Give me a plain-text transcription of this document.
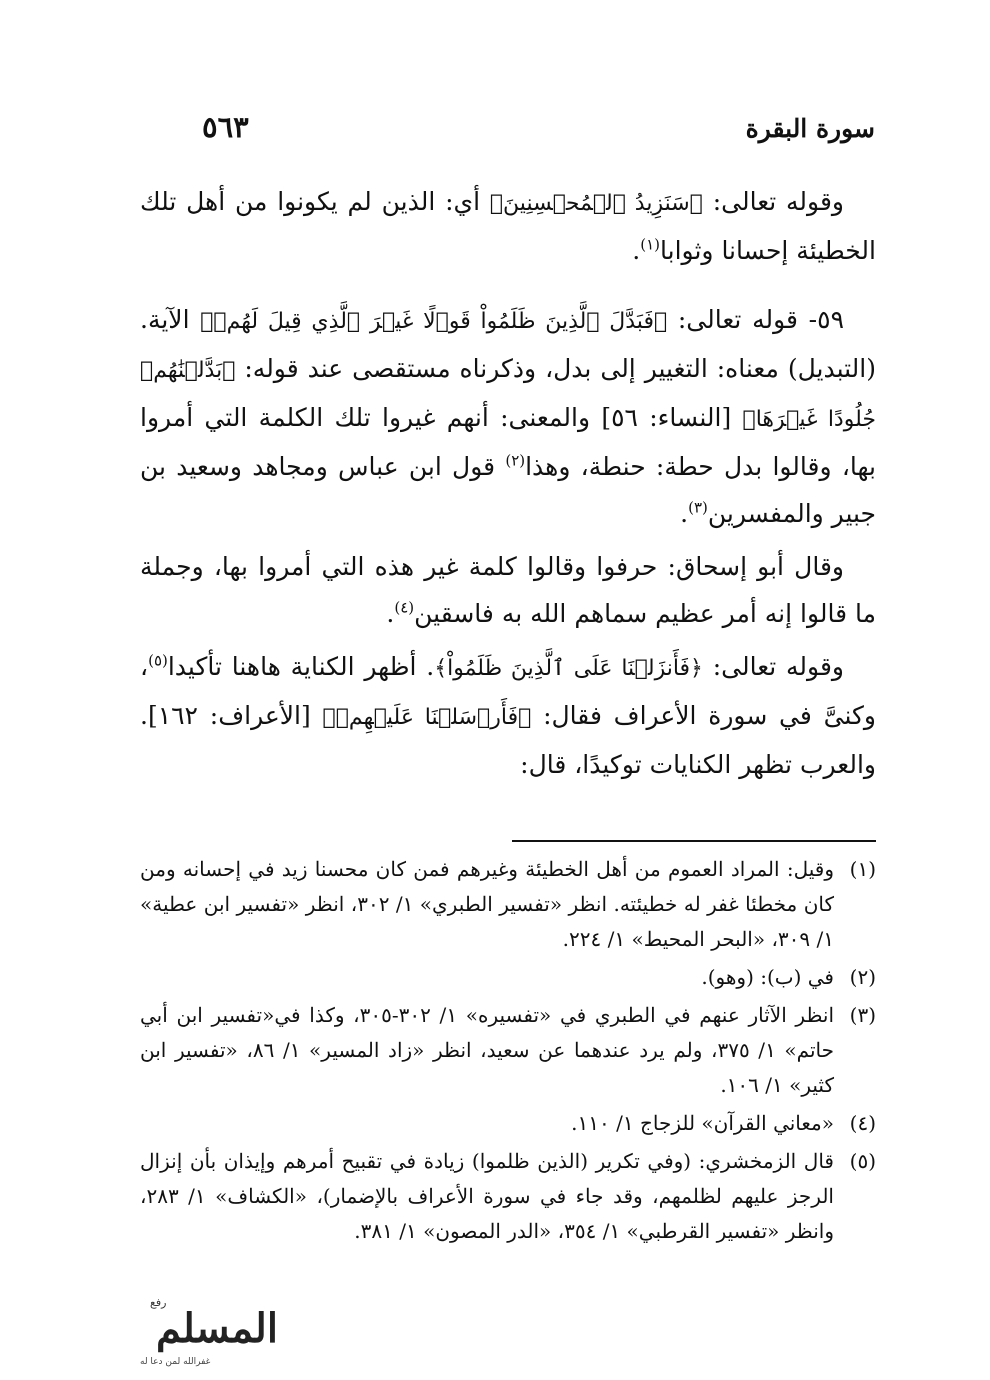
سورة البقرة
٥٦٣

وقوله تعالى: ﴿سَنَزِيدُ ٱلۡمُحۡسِنِينَ﴾ أي: الذين لم يكونوا من أهل تلك الخطيئة إحسانا وثوابا$^{(١)}$.

٥٩- قوله تعالى: ﴿فَبَدَّلَ ٱلَّذِينَ ظَلَمُواْ قَوۡلًا غَيۡرَ ٱلَّذِي قِيلَ لَهُمۡ﴾ الآية. (التبديل) معناه: التغيير إلى بدل، وذكرناه مستقصى عند قوله: ﴿بَدَّلۡنَٰهُمۡ جُلُودًا غَيۡرَهَا﴾ [النساء: ٥٦] والمعنى: أنهم غيروا تلك الكلمة التي أمروا بها، وقالوا بدل حطة: حنطة، وهذا$^{(٢)}$ قول ابن عباس ومجاهد وسعيد بن جبير والمفسرين$^{(٣)}$.

وقال أبو إسحاق: حرفوا وقالوا كلمة غير هذه التي أمروا بها، وجملة ما قالوا إنه أمر عظيم سماهم الله به فاسقين$^{(٤)}$.

وقوله تعالى: ﴿فَأَنزَلۡنَا عَلَى ٱلَّذِينَ ظَلَمُواْ﴾. أظهر الكناية هاهنا تأكيدا$^{(٥)}$، وكنىَّ في سورة الأعراف فقال: ﴿فَأَرۡسَلۡنَا عَلَيۡهِمۡ﴾ [الأعراف: ١٦٢]. والعرب تظهر الكنايات توكيدًا، قال:

(١)
وقيل: المراد العموم من أهل الخطيئة وغيرهم فمن كان محسنا زيد في إحسانه ومن كان مخطئا غفر له خطيئته. انظر «تفسير الطبري» ١/ ٣٠٢، انظر «تفسير ابن عطية» ١/ ٣٠٩، «البحر المحيط» ١/ ٢٢٤.
(٢)
في (ب): (وهو).
(٣)
انظر الآثار عنهم في الطبري في «تفسيره» ١/ ٣٠٢-٣٠٥، وكذا في«تفسير ابن أبي حاتم» ١/ ٣٧٥، ولم يرد عندهما عن سعيد، انظر «زاد المسير» ١/ ٨٦، «تفسير ابن كثير» ١/ ١٠٦.
(٤)
«معاني القرآن» للزجاج ١/ ١١٠.
(٥)
قال الزمخشري: (وفي تكرير (الذين ظلموا) زيادة في تقبيح أمرهم وإيذان بأن إنزال الرجز عليهم لظلمهم، وقد جاء في سورة الأعراف بالإضمار)، «الكشاف» ١/ ٢٨٣، وانظر «تفسير القرطبي» ١/ ٣٥٤، «الدر المصون» ١/ ٣٨١.
المسلم
رفع
غفرالله لمن دعا له
